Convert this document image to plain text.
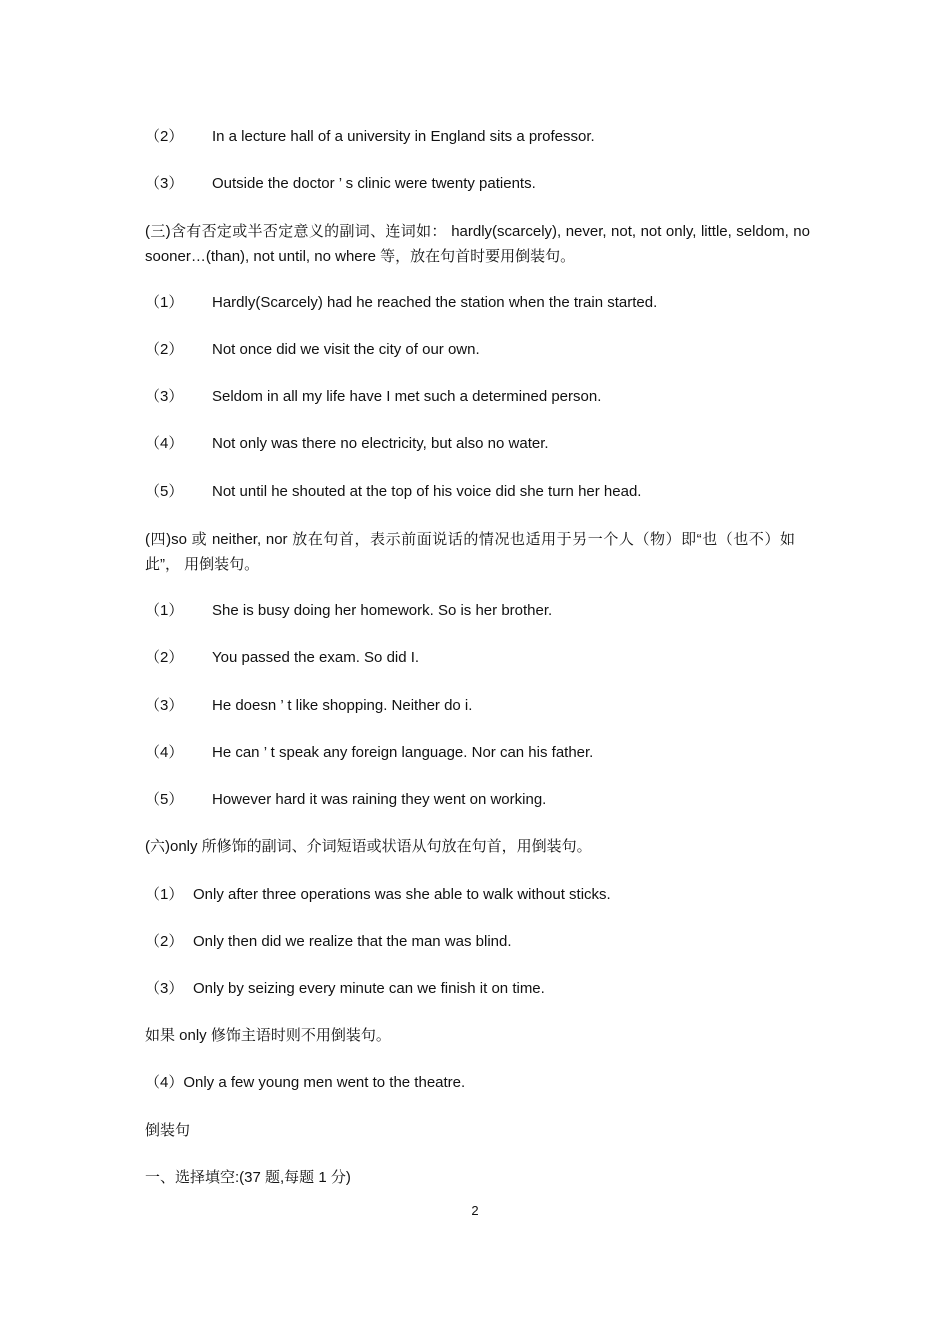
（2） In a lecture hall of a university in England sits a professor.
（3） Outside the doctor ’ s clinic were twenty patients.
(三)含有否定或半否定意义的副词、连词如： hardly(scarcely), never, not, not only, little, seldom, no sooner…(than), not until, no where 等，放在句首时要用倒装句。
（1） Hardly(Scarcely) had he reached the station when the train started.
（2） Not once did we visit the city of our own.
（3） Seldom in all my life have I met such a determined person.
（4） Not only was there no electricity, but also no water.
（5） Not until he shouted at the top of his voice did she turn her head.
(四)so 或 neither, nor 放在句首，表示前面说话的情况也适用于另一个人（物）即“也（也不）如此”， 用倒装句。
（1） She is busy doing her homework. So is her brother.
（2） You passed the exam. So did I.
（3） He doesn ’ t like shopping. Neither do i.
（4） He can ’ t speak any foreign language. Nor can his father.
（5） However hard it was raining they went on working.
(六)only 所修饰的副词、介词短语或状语从句放在句首，用倒装句。
（1） Only after three operations was she able to walk without sticks.
（2） Only then did we realize that the man was blind.
（3） Only by seizing every minute can we finish it on time.
如果 only 修饰主语时则不用倒装句。
（4）Only a few young men went to the theatre.
倒装句
一、选择填空:(37 题,每题 1 分)
2
